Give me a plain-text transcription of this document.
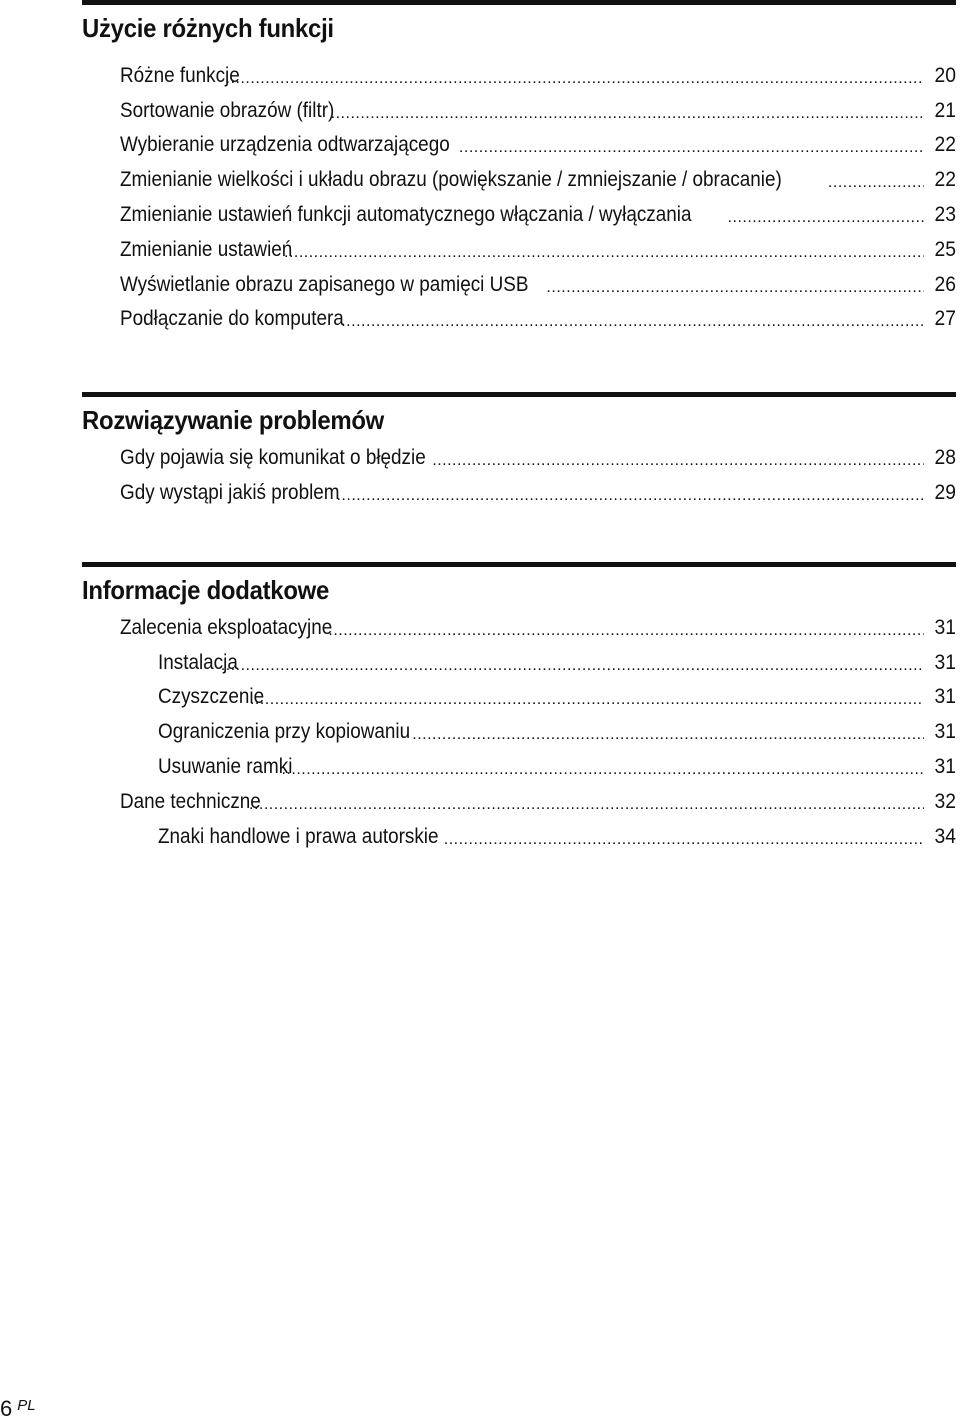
Użycie różnych funkcji
Różne funkcje .....	20
Sortowanie obrazów (filtr) .....	21
Wybieranie urządzenia odtwarzającego .....	22
Zmienianie wielkości i układu obrazu (powiększanie / zmniejszanie / obracanie) .....	22
Zmienianie ustawień funkcji automatycznego włączania / wyłączania .....	23
Zmienianie ustawień .....	25
Wyświetlanie obrazu zapisanego w pamięci USB .....	26
Podłączanie do komputera .....	27
Rozwiązywanie problemów
Gdy pojawia się komunikat o błędzie .....	28
Gdy wystąpi jakiś problem .....	29
Informacje dodatkowe
Zalecenia eksploatacyjne .....	31
Instalacja .....	31
Czyszczenie .....	31
Ograniczenia przy kopiowaniu .....	31
Usuwanie ramki .....	31
Dane techniczne .....	32
Znaki handlowe i prawa autorskie .....	34
6 $^{PL}$
